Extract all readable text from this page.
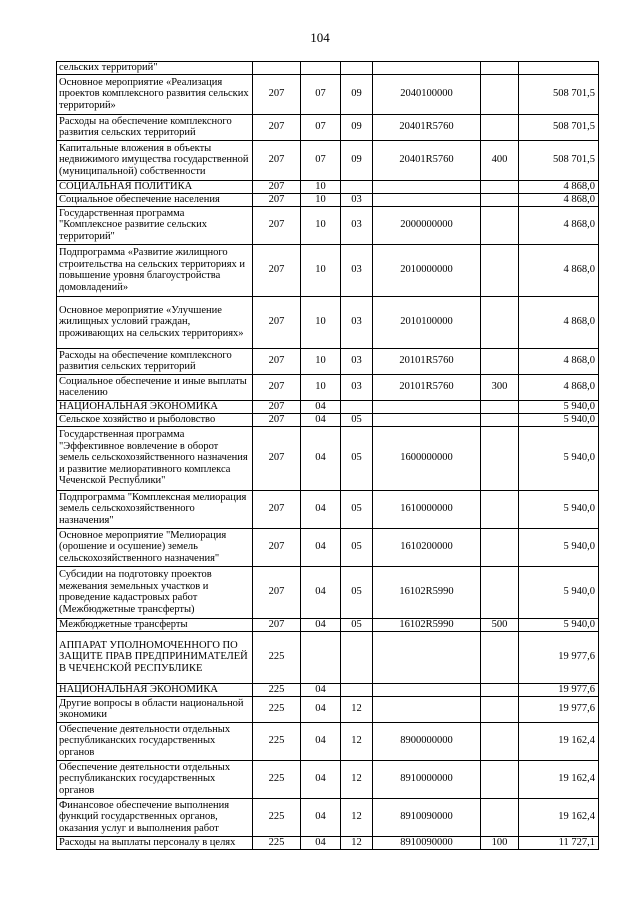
104
сельских территорий"						
Основное мероприятие «Реализация проектов комплексного развития сельских территорий»	207	07	09	2040100000		508 701,5
Расходы на обеспечение комплексного развития сельских территорий	207	07	09	20401R5760		508 701,5
Капитальные вложения в объекты недвижимого имущества государственной (муниципальной) собственности	207	07	09	20401R5760	400	508 701,5
СОЦИАЛЬНАЯ ПОЛИТИКА	207	10				4 868,0
Социальное обеспечение населения	207	10	03			4 868,0
Государственная программа "Комплексное развитие сельских территорий"	207	10	03	2000000000		4 868,0
Подпрограмма «Развитие жилищного строительства на сельских территориях и повышение уровня благоустройства домовладений»	207	10	03	2010000000		4 868,0
Основное мероприятие «Улучшение жилищных условий граждан, проживающих на сельских территориях»	207	10	03	2010100000		4 868,0
Расходы на обеспечение комплексного развития сельских территорий	207	10	03	20101R5760		4 868,0
Социальное обеспечение и иные выплаты населению	207	10	03	20101R5760	300	4 868,0
НАЦИОНАЛЬНАЯ ЭКОНОМИКА	207	04				5 940,0
Сельское хозяйство и рыболовство	207	04	05			5 940,0
Государственная программа "Эффективное вовлечение в оборот земель сельскохозяйственного назначения и развитие мелиоративного комплекса Чеченской Республики"	207	04	05	1600000000		5 940,0
Подпрограмма "Комплексная мелиорация земель сельскохозяйственного назначения"	207	04	05	1610000000		5 940,0
Основное мероприятие "Мелиорация (орошение и осушение) земель сельскохозяйственного назначения"	207	04	05	1610200000		5 940,0
Субсидии на подготовку проектов межевания земельных участков и проведение кадастровых работ (Межбюджетные трансферты)	207	04	05	16102R5990		5 940,0
Межбюджетные трансферты	207	04	05	16102R5990	500	5 940,0
АППАРАТ УПОЛНОМОЧЕННОГО ПО ЗАЩИТЕ ПРАВ ПРЕДПРИНИМАТЕЛЕЙ В ЧЕЧЕНСКОЙ РЕСПУБЛИКЕ	225					19 977,6
НАЦИОНАЛЬНАЯ ЭКОНОМИКА	225	04				19 977,6
Другие вопросы в области национальной экономики	225	04	12			19 977,6
Обеспечение деятельности отдельных республиканских государственных органов	225	04	12	8900000000		19 162,4
Обеспечение деятельности отдельных республиканских государственных органов	225	04	12	8910000000		19 162,4
Финансовое обеспечение выполнения функций государственных органов, оказания услуг и выполнения работ	225	04	12	8910090000		19 162,4
Расходы на выплаты персоналу в целях	225	04	12	8910090000	100	11 727,1
